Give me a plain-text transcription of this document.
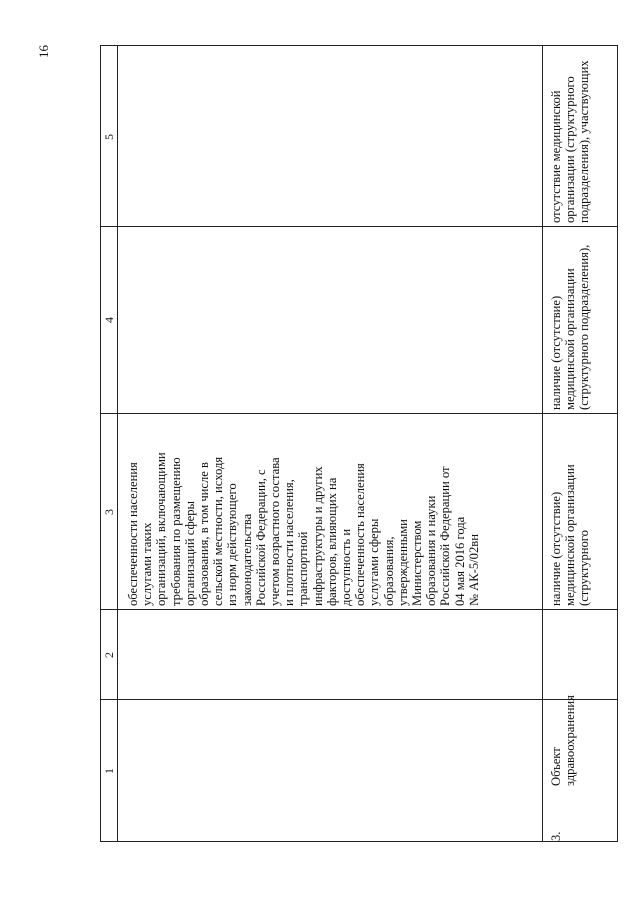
16
5
4
3
2
1
обеспеченности населения
услугами таких
организаций, включающими
требования по размещению
организаций сферы
образования, в том числе в
сельской местности, исходя
из норм действующего
законодательства
Российской Федерации, с
учетом возрастного состава
и плотности населения,
транспортной
инфраструктуры и других
факторов, влияющих на
доступность и
обеспеченность населения
услугами сферы
образования,
утвержденными
Министерством
образования и науки
Российской Федерации от
04 мая 2016 года
№ АК-5/02вн
3.
Объект
здравоохранения
наличие (отсутствие)
медицинской организации
(структурного
наличие (отсутствие)
медицинской организации
(структурного подразделения),
отсутствие медицинской
организации (структурного
подразделения), участвующих
